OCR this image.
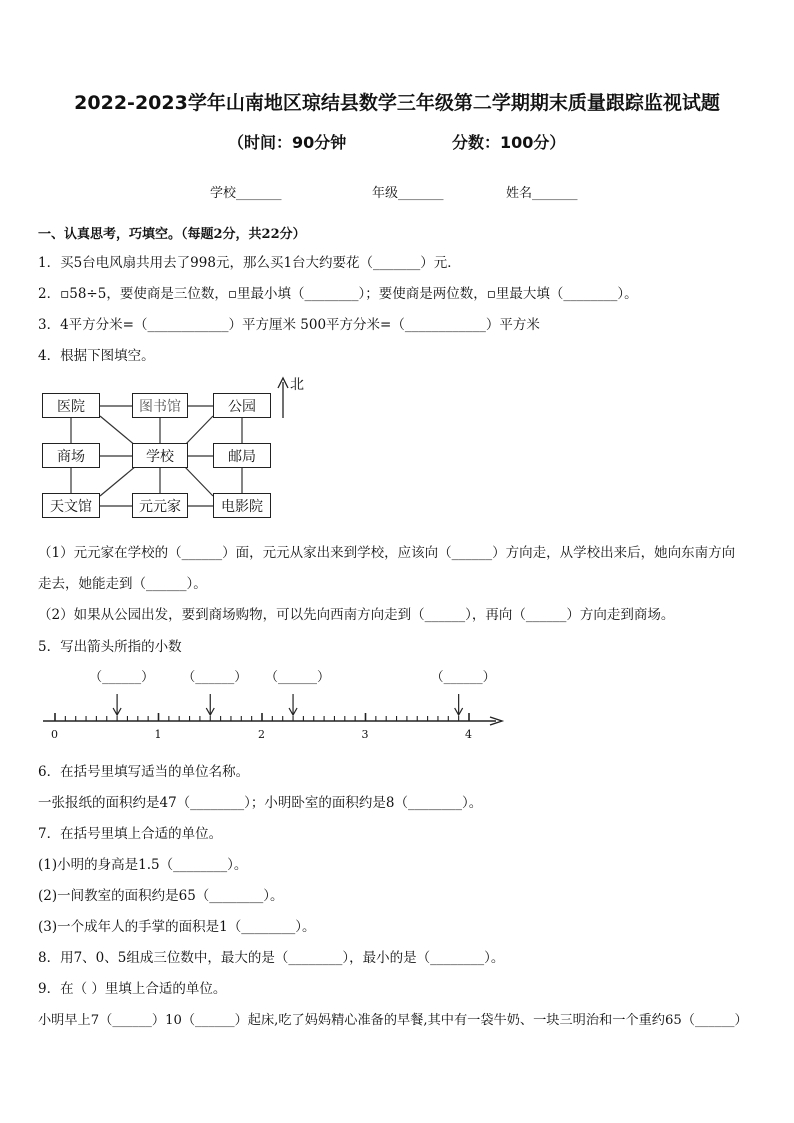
2022-2023学年山南地区琼结县数学三年级第二学期期末质量跟踪监视试题
（时间：90分钟	分数：100分）
学校_______	年级_______	姓名_______
一、认真思考，巧填空。（每题2分，共22分）
1．买5台电风扇共用去了998元，那么买1台大约要花（_______）元．
2．▫58÷5，要使商是三位数，▫里最小填（________）；要使商是两位数，▫里最大填（________）。
3．4平方分米=（____________）平方厘米 500平方分米=（____________）平方米
4．根据下图填空。
北
医院	图书馆	公园
商场	学校	邮局
天文馆	元元家	电影院
（1）元元家在学校的（______）面，元元从家出来到学校，应该向（______）方向走，从学校出来后，她向东南方向
走去，她能走到（______）。
（2）如果从公园出发，要到商场购物，可以先向西南方向走到（______），再向（______）方向走到商场。
5．写出箭头所指的小数
（______） （______） （______）	（______）
0	1	2	3	4
6．在括号里填写适当的单位名称。
一张报纸的面积约是47（________）；小明卧室的面积约是8（________）。
7．在括号里填上合适的单位。
(1)小明的身高是1.5（________）。
(2)一间教室的面积约是65（________）。
(3)一个成年人的手掌的面积是1（________）。
8．用7、0、5组成三位数中，最大的是（________），最小的是（________）。
9．在（ ）里填上合适的单位。
小明早上7（______）10（______）起床,吃了妈妈精心准备的早餐,其中有一袋牛奶、一块三明治和一个重约65（______）
